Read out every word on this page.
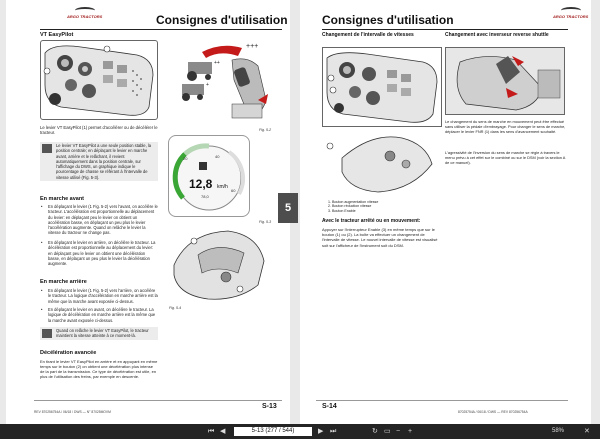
ARGO TRACTORS	Consignes d'utilisation
VT EasyPilot
+++
++
+
Fig. 5-2
Le levier VT EasyPilot (1) permet d'accélérer ou de décélérer le tracteur.
Le levier VT EasyPilot a une seule position stable, la position centrale; en déplaçant le levier en marche avant, arrière et le relâchant, il revient automatiquement dans la position centrale, sur l'affichage du DWS, un graphique indique le pourcentage de chasse se référant à l'intervalle de vitesse utilisé (Fig. 5-3).	12,8 km/h
78,0
20	40
60
Fig. 5-3
En marche avant
• En déplaçant le levier (1 Fig. 5-2) vers l'avant, on accélère le tracteur. L'accélération est proportionnelle au déplacement du levier: en déplaçant peu le levier on obtient un accélération basse, en déplaçant un peu plus le levier l'accélération augmente. Quand on relâche le levier la vitesse du tracteur ne change pas.
• En déplaçant le levier en arrière, on décélère le tracteur. La décélération est proportionnelle au déplacement du levier: en déplaçant peu le levier on obtient une décélération basse, en déplaçant un peu plus le levier la décélération augmente.
Fig. 5-4
En marche arrière
• En déplaçant le levier (1 Fig. 5-2) vers l'arrière, on accélère le tracteur. La logique d'accélération en marche arrière est la même que la marche avant exposée ci-dessus.
• En déplaçant le levier en avant, on décélère le tracteur. La logique de décélération en marche arrière est la même que la marche avant exposée ci-dessus.
Quand on relâche le levier VT EasyPilot, le tracteur maintient la vitesse atteinte à ce moment-là.
Décélération avancée
En tirant le levier VT EasyPilot en arrière et en appuyant en même temps sur le bouton (2) on obtient une décélération plus intense de la part de la transmission. Ce type de décélération est utile, en plus de l'utilisation des freins, par exemple en descente.
REV 870256754A / 06/18 / DWS — N° 87025MOVM
S-13
5
ARGO TRACTORS
Consignes d'utilisation
Changement de l'intervalle de vitesses	Changement avec inverseur reverse shuttle
Le changement du sens de marche en mouvement peut être effectué sans utiliser la pédale d'embrayage. Pour changer le sens de marche, déplacer le levier FNR (1) dans les sens d'avancement souhaité.
L'agressivité de l'inversion du sens de marche se règle à travers le menu prévu à cet effet sur le combiné ou sur le DSM (voir la section A de ce manuel).
1. Bouton augmentation vitesse
2. Bouton réduction vitesse
3. Bouton Enable
Avec le tracteur arrêté ou en mouvement:
Appuyer sur l'interrupteur Enable (3) en même temps que sur le bouton (1) ou (2). La boîte va effectuer un changement de l'intervalle de vitesse. Le nouvel intervalle de vitesse est visualisé soit sur l'afficheur de l'instrument soit du DSM.
S-14
87025754A / 06/18 / DWS — REV 870256754A
⏮ ◀
5-13 (277 / 544)	▶ ⏭	↻ ▭ − +	58%	✕
